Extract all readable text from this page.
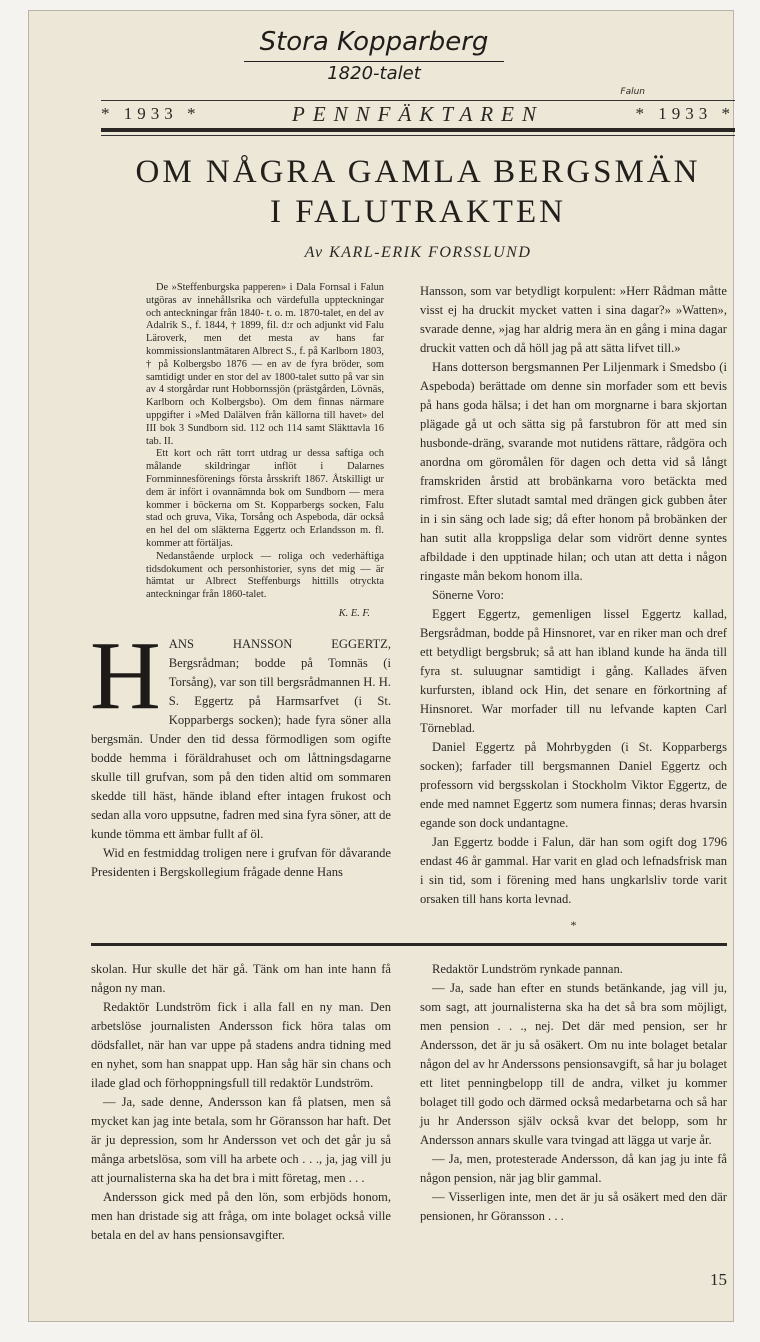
Stora Kopparberg
1820-talet
Falun
* 1933 *	PENNFÄKTAREN	* 1933 *
OM NÅGRA GAMLA BERGSMÄN
I FALUTRAKTEN
Av KARL-ERIK FORSSLUND

De »Steffenburgska papperen» i Dala Fornsal i Falun utgöras av innehållsrika och värdefulla uppteckningar och anteckningar från 1840- t. o. m. 1870-talet, en del av Adalrik S., f. 1844, † 1899, fil. d:r och adjunkt vid Falu Läroverk, men det mesta av hans far kommissionslantmätaren Albrect S., f. på Karlborn 1803, † på Kolbergsbo 1876 — en av de fyra bröder, som samtidigt under en stor del av 1800-talet sutto på var sin av 4 storgårdar runt Hobbornssjön (prästgården, Lövnäs, Karlborn och Kolbergsbo). Om dem finnas närmare uppgifter i »Med Dalälven från källorna till havet» del III bok 3 Sundborn sid. 112 och 114 samt Släkttavla 16 tab. II.

Ett kort och rätt torrt utdrag ur dessa saftiga och målande skildringar inflöt i Dalarnes Fornminnesförenings första årsskrift 1867. Åtskilligt ur dem är infört i ovannämnda bok om Sundborn — mera kommer i böckerna om St. Kopparbergs socken, Falu stad och gruva, Vika, Torsång och Aspeboda, där också en hel del om släkterna Eggertz och Erlandsson m. fl. kommer att förtäljas.

Nedanstående urplock — roliga och vederhäftiga tidsdokument och personhistorier, syns det mig — är hämtat ur Albrect Steffenburgs hittills otryckta anteckningar från 1860-talet.

K. E. F.

H ANS HANSSON EGGERTZ, Bergsrådman; bodde på Tomnäs (i Torsång), var son till bergsrådmannen H. H. S. Eggertz på Harmsarfvet (i St. Kopparbergs socken); hade fyra söner alla bergsmän. Under den tid dessa förmodligen som ogifte bodde hemma i föräldrahuset och om låttningsdagarne skulle till grufvan, som på den tiden altid om sommaren skedde till häst, hände ibland efter intagen frukost och sedan alla voro uppsutne, fadren med sina fyra söner, att de kunde tömma ett ämbar fullt af öl.

Wid en festmiddag troligen nere i grufvan för dåvarande Presidenten i Bergskollegium frågade denne Hans

Hansson, som var betydligt korpulent: »Herr Rådman måtte visst ej ha druckit mycket vatten i sina dagar?» »Watten», svarade denne, »jag har aldrig mera än en gång i mina dagar druckit vatten och då höll jag på att sätta lifvet till.»

Hans dotterson bergsmannen Per Liljenmark i Smedsbo (i Aspeboda) berättade om denne sin morfader som ett bevis på hans goda hälsa; i det han om morgnarne i bara skjortan plägade gå ut och sätta sig på farstubron för att med sin husbonde-dräng, svarande mot nutidens rättare, rådgöra och anordna om göromålen för dagen och detta vid så långt framskriden årstid att brobänkarna voro betäckta med rimfrost. Efter slutadt samtal med drängen gick gubben åter in i sin säng och lade sig; då efter honom på brobänken der han sutit alla kroppsliga delar som vidrört denne syntes afbildade i den upptinade hilan; och utan att detta i någon ringaste mån bekom honom illa.

Sönerne Voro:

Eggert Eggertz, gemenligen lissel Eggertz kallad, Bergsrådman, bodde på Hinsnoret, var en riker man och dref ett betydligt bergsbruk; så att han ibland kunde ha ända till fyra st. suluugnar samtidigt i gång. Kallades äfven kurfursten, ibland ock Hin, det senare en förkortning af Hinsnoret. War morfader till nu lefvande kapten Carl Törneblad.

Daniel Eggertz på Mohrbygden (i St. Kopparbergs socken); farfader till bergsmannen Daniel Eggertz och professorn vid bergsskolan i Stockholm Viktor Eggertz, de ende med namnet Eggertz som numera finnas; deras hvarsin egande son dock undantagne.

Jan Eggertz bodde i Falun, där han som ogift dog 1796 endast 46 år gammal. Har varit en glad och lefnadsfrisk man i sin tid, som i förening med hans ungkarlsliv torde varit orsaken till hans korta levnad.

*

skolan. Hur skulle det här gå. Tänk om han inte hann få någon ny man.

Redaktör Lundström fick i alla fall en ny man. Den arbetslöse journalisten Andersson fick höra talas om dödsfallet, när han var uppe på stadens andra tidning med en nyhet, som han snappat upp. Han såg här sin chans och ilade glad och förhoppningsfull till redaktör Lundström.

— Ja, sade denne, Andersson kan få platsen, men så mycket kan jag inte betala, som hr Göransson har haft. Det är ju depression, som hr Andersson vet och det går ju så många arbetslösa, som vill ha arbete och . . ., ja, jag vill ju att journalisterna ska ha det bra i mitt företag, men . . .

Andersson gick med på den lön, som erbjöds honom, men han dristade sig att fråga, om inte bolaget också ville betala en del av hans pensionsavgifter.

Redaktör Lundström rynkade pannan.

— Ja, sade han efter en stunds betänkande, jag vill ju, som sagt, att journalisterna ska ha det så bra som möjligt, men pension . . ., nej. Det där med pension, ser hr Andersson, det är ju så osäkert. Om nu inte bolaget betalar någon del av hr Anderssons pensionsavgift, så har ju bolaget ett litet penningbelopp till de andra, vilket ju kommer bolaget till godo och därmed också medarbetarna och så har ju hr Andersson själv också kvar det belopp, som hr Andersson annars skulle vara tvingad att lägga ut varje år.

— Ja, men, protesterade Andersson, då kan jag ju inte få någon pension, när jag blir gammal.

— Visserligen inte, men det är ju så osäkert med den där pensionen, hr Göransson . . .

15
